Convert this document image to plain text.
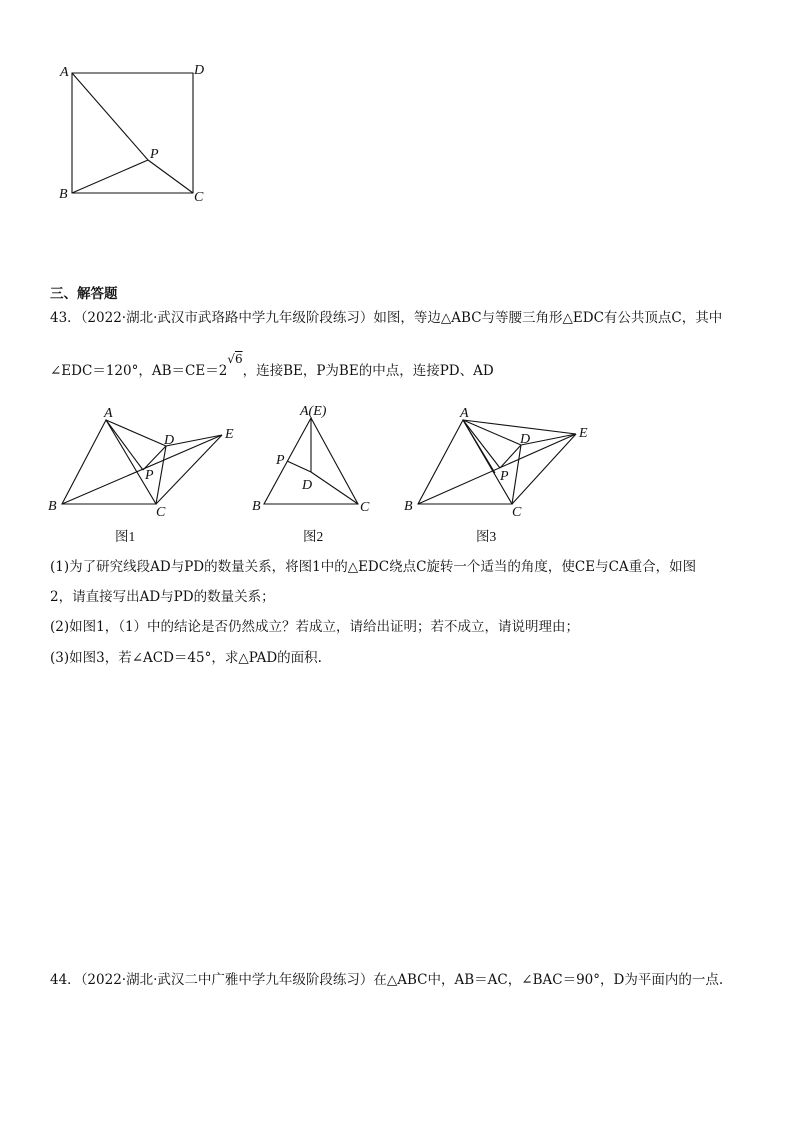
A	D
P
B	C
三、解答题
43．（2022·湖北·武汉市武珞路中学九年级阶段练习）如图，等边△ABC与等腰三角形△EDC有公共顶点C，其中
∠EDC＝120°，AB＝CE＝2√6，连接BE，P为BE的中点，连接PD、AD
A
D	E
P
B	C
A(E)
P
D
B	C
A
D	E
P
B	C
图1	图2	图3
(1)为了研究线段AD与PD的数量关系，将图1中的△EDC绕点C旋转一个适当的角度，使CE与CA重合，如图
2，请直接写出AD与PD的数量关系；
(2)如图1，（1）中的结论是否仍然成立？若成立，请给出证明；若不成立，请说明理由；
(3)如图3，若∠ACD＝45°，求△PAD的面积.
44．（2022·湖北·武汉二中广雅中学九年级阶段练习）在△ABC中，AB＝AC，∠BAC＝90°，D为平面内的一点.
